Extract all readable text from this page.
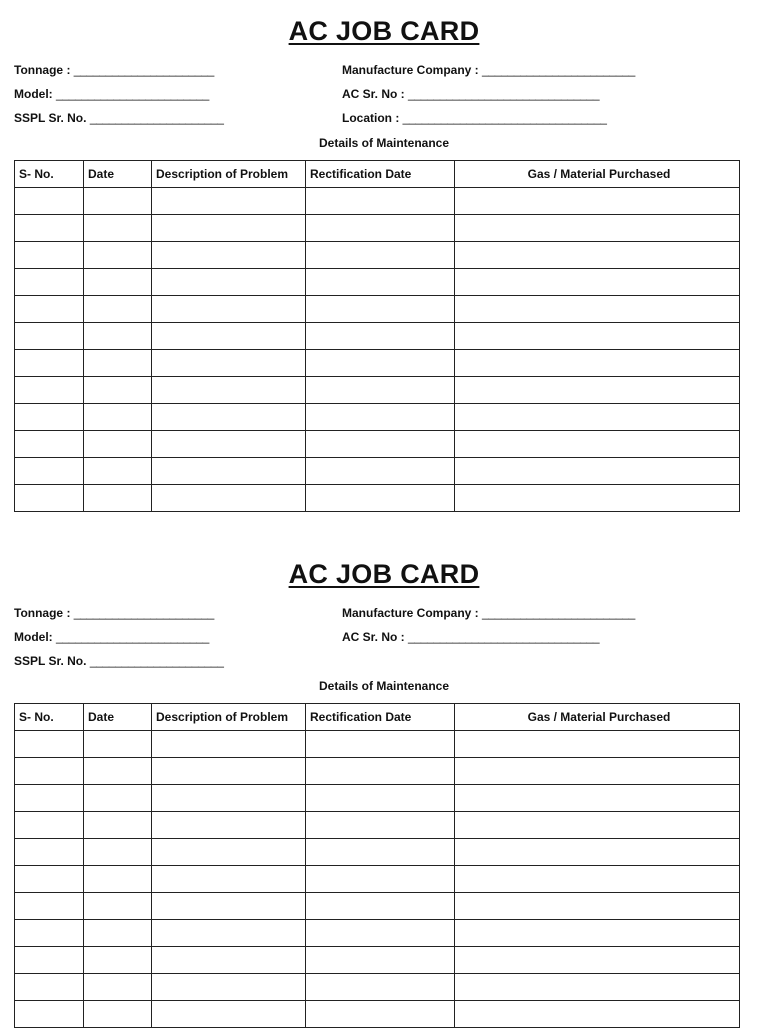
AC JOB CARD
Tonnage : ______________________
Model: ________________________
SSPL Sr. No. _____________________
Manufacture Company : ________________________
AC Sr. No : ______________________________
Location : ________________________________
Details of Maintenance
S- No.	Date	Description of Problem	Rectification Date	Gas / Material Purchased

AC JOB CARD
Tonnage : ______________________
Model: ________________________
SSPL Sr. No. _____________________
Manufacture Company : ________________________
AC Sr. No : ______________________________
Details of Maintenance
S- No.	Date	Description of Problem	Rectification Date	Gas / Material Purchased
